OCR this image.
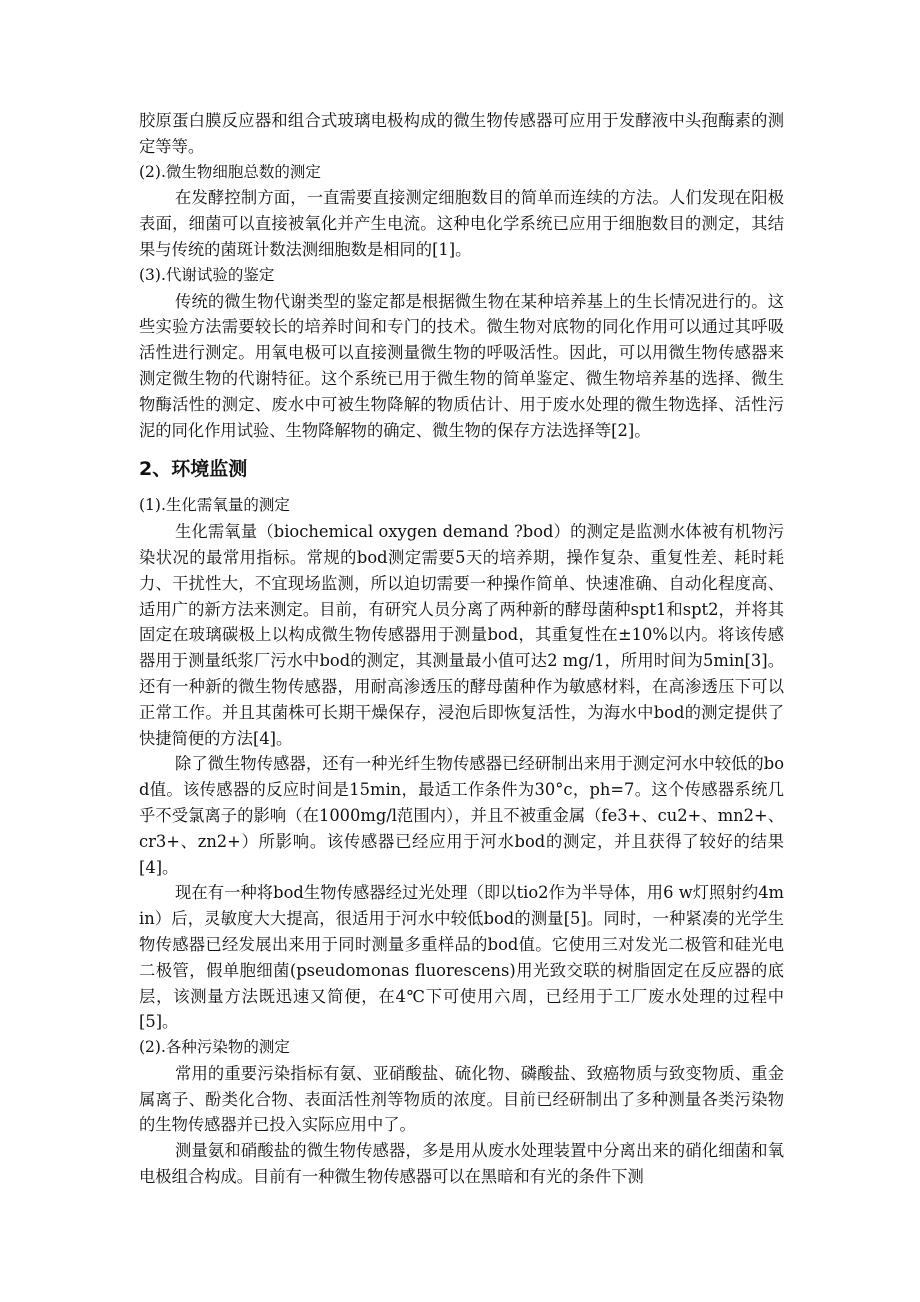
胶原蛋白膜反应器和组合式玻璃电极构成的微生物传感器可应用于发酵液中头孢酶素的测定等等。

(2).微生物细胞总数的测定

在发酵控制方面，一直需要直接测定细胞数目的简单而连续的方法。人们发现在阳极表面，细菌可以直接被氧化并产生电流。这种电化学系统已应用于细胞数目的测定，其结果与传统的菌斑计数法测细胞数是相同的[1]。

(3).代谢试验的鉴定

传统的微生物代谢类型的鉴定都是根据微生物在某种培养基上的生长情况进行的。这些实验方法需要较长的培养时间和专门的技术。微生物对底物的同化作用可以通过其呼吸活性进行测定。用氧电极可以直接测量微生物的呼吸活性。因此，可以用微生物传感器来测定微生物的代谢特征。这个系统已用于微生物的简单鉴定、微生物培养基的选择、微生物酶活性的测定、废水中可被生物降解的物质估计、用于废水处理的微生物选择、活性污泥的同化作用试验、生物降解物的确定、微生物的保存方法选择等[2]。

2、环境监测

(1).生化需氧量的测定

生化需氧量（biochemical oxygen demand ?bod）的测定是监测水体被有机物污染状况的最常用指标。常规的bod测定需要5天的培养期，操作复杂、重复性差、耗时耗力、干扰性大，不宜现场监测，所以迫切需要一种操作简单、快速准确、自动化程度高、适用广的新方法来测定。目前，有研究人员分离了两种新的酵母菌种spt1和spt2，并将其固定在玻璃碳极上以构成微生物传感器用于测量bod，其重复性在±10%以内。将该传感器用于测量纸浆厂污水中bod的测定，其测量最小值可达2 mg/1，所用时间为5min[3]。还有一种新的微生物传感器，用耐高渗透压的酵母菌种作为敏感材料，在高渗透压下可以正常工作。并且其菌株可长期干燥保存，浸泡后即恢复活性，为海水中bod的测定提供了快捷简便的方法[4]。

除了微生物传感器，还有一种光纤生物传感器已经研制出来用于测定河水中较低的bod值。该传感器的反应时间是15min，最适工作条件为30°c，ph=7。这个传感器系统几乎不受氯离子的影响（在1000mg/l范围内），并且不被重金属（fe3+、cu2+、mn2+、cr3+、zn2+）所影响。该传感器已经应用于河水bod的测定，并且获得了较好的结果[4]。

现在有一种将bod生物传感器经过光处理（即以tio2作为半导体，用6 w灯照射约4min）后，灵敏度大大提高，很适用于河水中较低bod的测量[5]。同时，一种紧凑的光学生物传感器已经发展出来用于同时测量多重样品的bod值。它使用三对发光二极管和硅光电二极管，假单胞细菌(pseudomonas fluorescens)用光致交联的树脂固定在反应器的底层，该测量方法既迅速又简便，在4℃下可使用六周，已经用于工厂废水处理的过程中[5]。

(2).各种污染物的测定

常用的重要污染指标有氨、亚硝酸盐、硫化物、磷酸盐、致癌物质与致变物质、重金属离子、酚类化合物、表面活性剂等物质的浓度。目前已经研制出了多种测量各类污染物的生物传感器并已投入实际应用中了。

测量氨和硝酸盐的微生物传感器，多是用从废水处理装置中分离出来的硝化细菌和氧电极组合构成。目前有一种微生物传感器可以在黑暗和有光的条件下测
